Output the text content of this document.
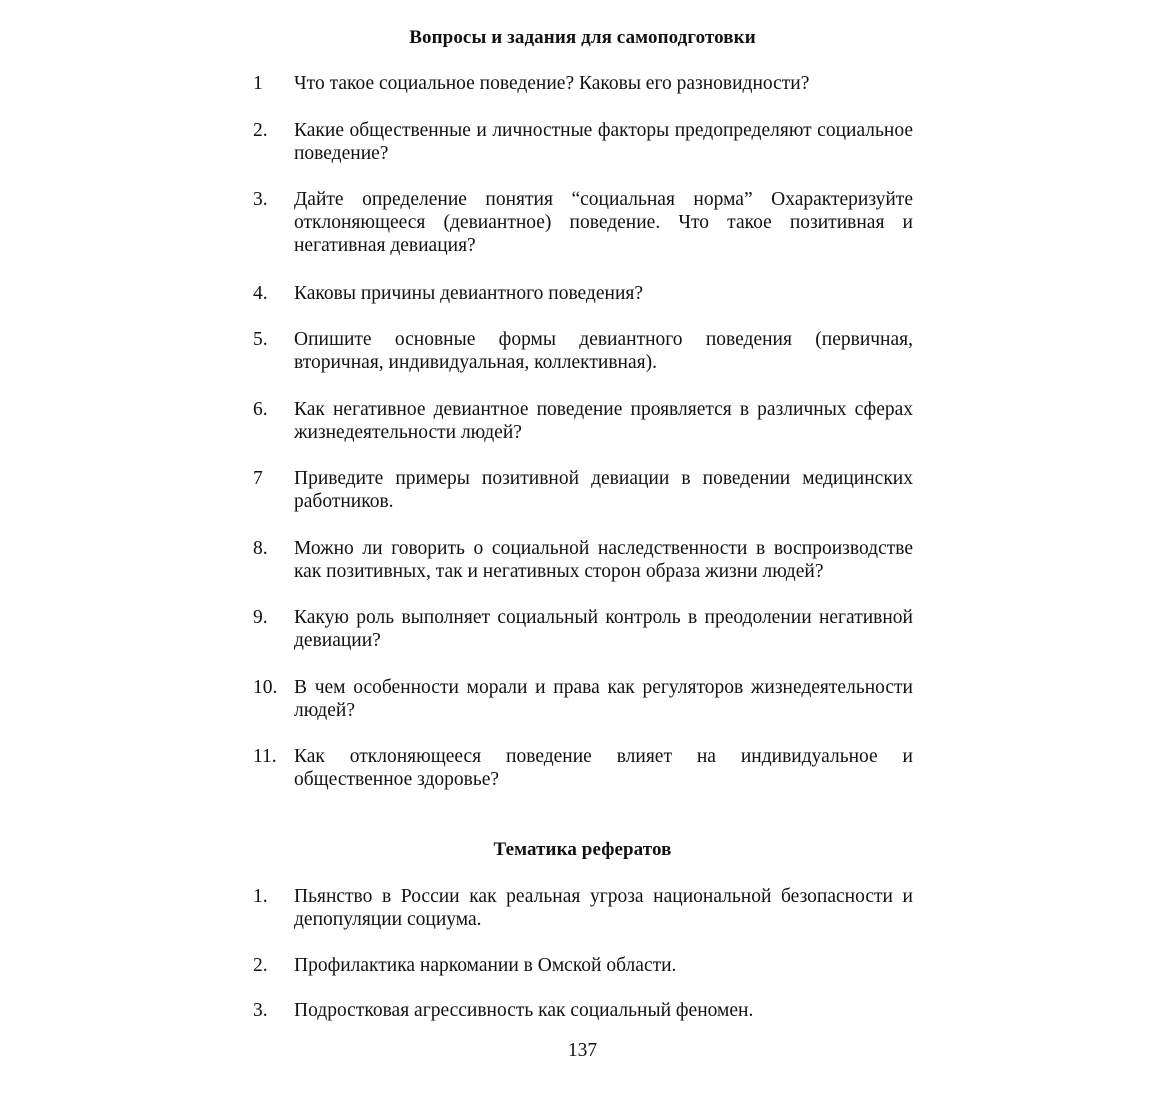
Вопросы и задания для самоподготовки
1	Что такое социальное поведение? Каковы его разновидности?
2.	Какие общественные и личностные факторы предопределяют социальное поведение?
3.	Дайте определение понятия “социальная норма” Охарактеризуйте отклоняющееся (девиантное) поведение. Что такое позитивная и негативная девиация?
4.	Каковы причины девиантного поведения?
5.	Опишите основные формы девиантного поведения (первичная, вторичная, индивидуальная, коллективная).
6.	Как негативное девиантное поведение проявляется в различных сферах жизнедеятельности людей?
7	Приведите примеры позитивной девиации в поведении медицинских работников.
8.	Можно ли говорить о социальной наследственности в воспроизводстве как позитивных, так и негативных сторон образа жизни людей?
9.	Какую роль выполняет социальный контроль в преодолении негативной девиации?
10. В чем особенности морали и права как регуляторов жизнедеятельности людей?
11. Как отклоняющееся поведение влияет на индивидуальное и общественное здоровье?
Тематика рефератов
1.	Пьянство в России как реальная угроза национальной безопасности и депопуляции социума.
2.	Профилактика наркомании в Омской области.
3.	Подростковая агрессивность как социальный феномен.
137
